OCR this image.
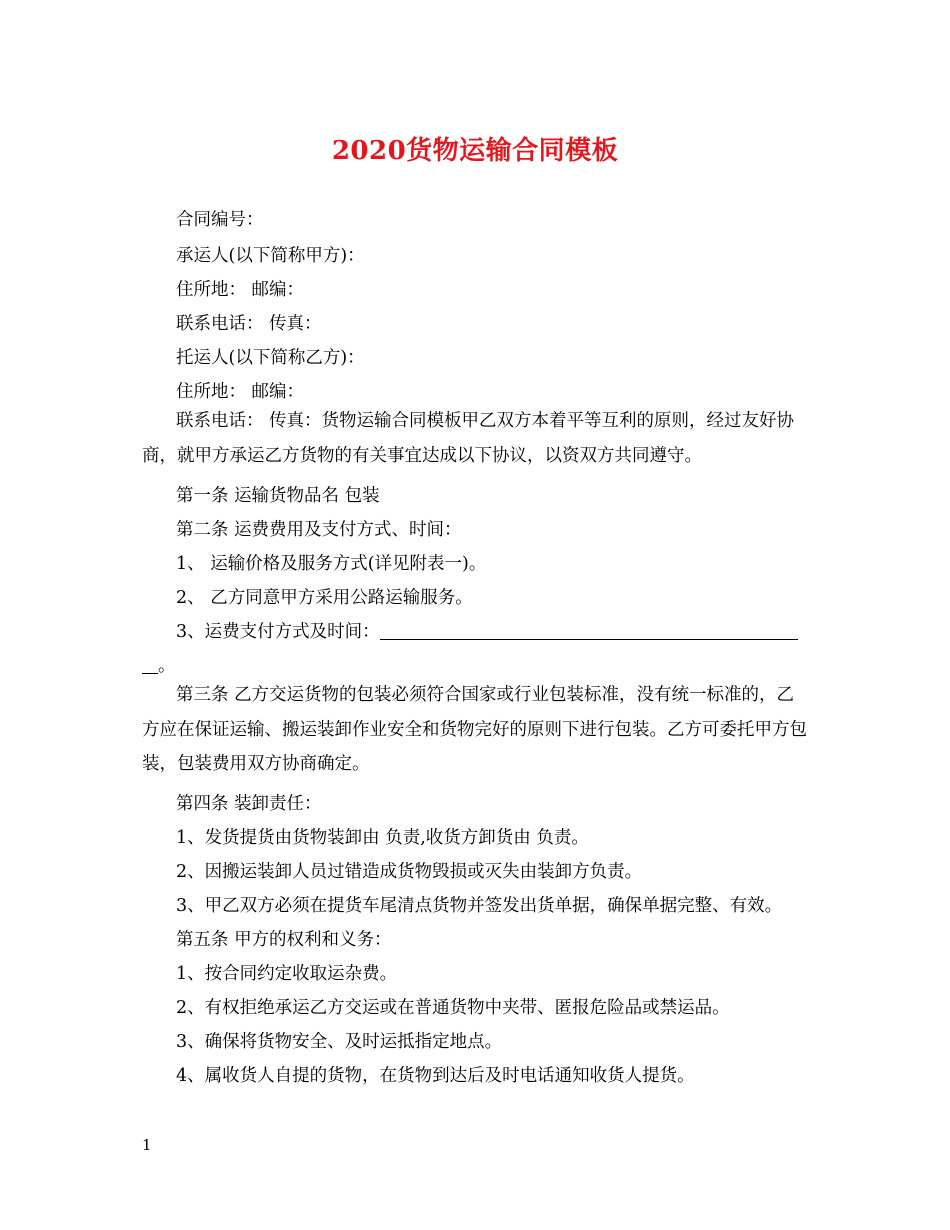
2020货物运输合同模板
合同编号：
承运人(以下简称甲方)：
住所地： 邮编：
联系电话： 传真：
托运人(以下简称乙方)：
住所地： 邮编：

联系电话： 传真：货物运输合同模板甲乙双方本着平等互利的原则，经过友好协商，就甲方承运乙方货物的有关事宜达成以下协议，以资双方共同遵守。

第一条 运输货物品名 包装
第二条 运费费用及支付方式、时间：
1、 运输价格及服务方式(详见附表一)。
2、 乙方同意甲方采用公路运输服务。
3、运费支付方式及时间：
。

第三条 乙方交运货物的包装必须符合国家或行业包装标准，没有统一标准的，乙 方应在保证运输、搬运装卸作业安全和货物完好的原则下进行包装。乙方可委托甲方包装，包装费用双方协商确定。

第四条 装卸责任：
1、发货提货由货物装卸由 负责,收货方卸货由 负责。
2、因搬运装卸人员过错造成货物毁损或灭失由装卸方负责。
3、甲乙双方必须在提货车尾清点货物并签发出货单据，确保单据完整、有效。
第五条 甲方的权利和义务：
1、按合同约定收取运杂费。
2、有权拒绝承运乙方交运或在普通货物中夹带、匿报危险品或禁运品。
3、确保将货物安全、及时运抵指定地点。
4、属收货人自提的货物，在货物到达后及时电话通知收货人提货。
1
